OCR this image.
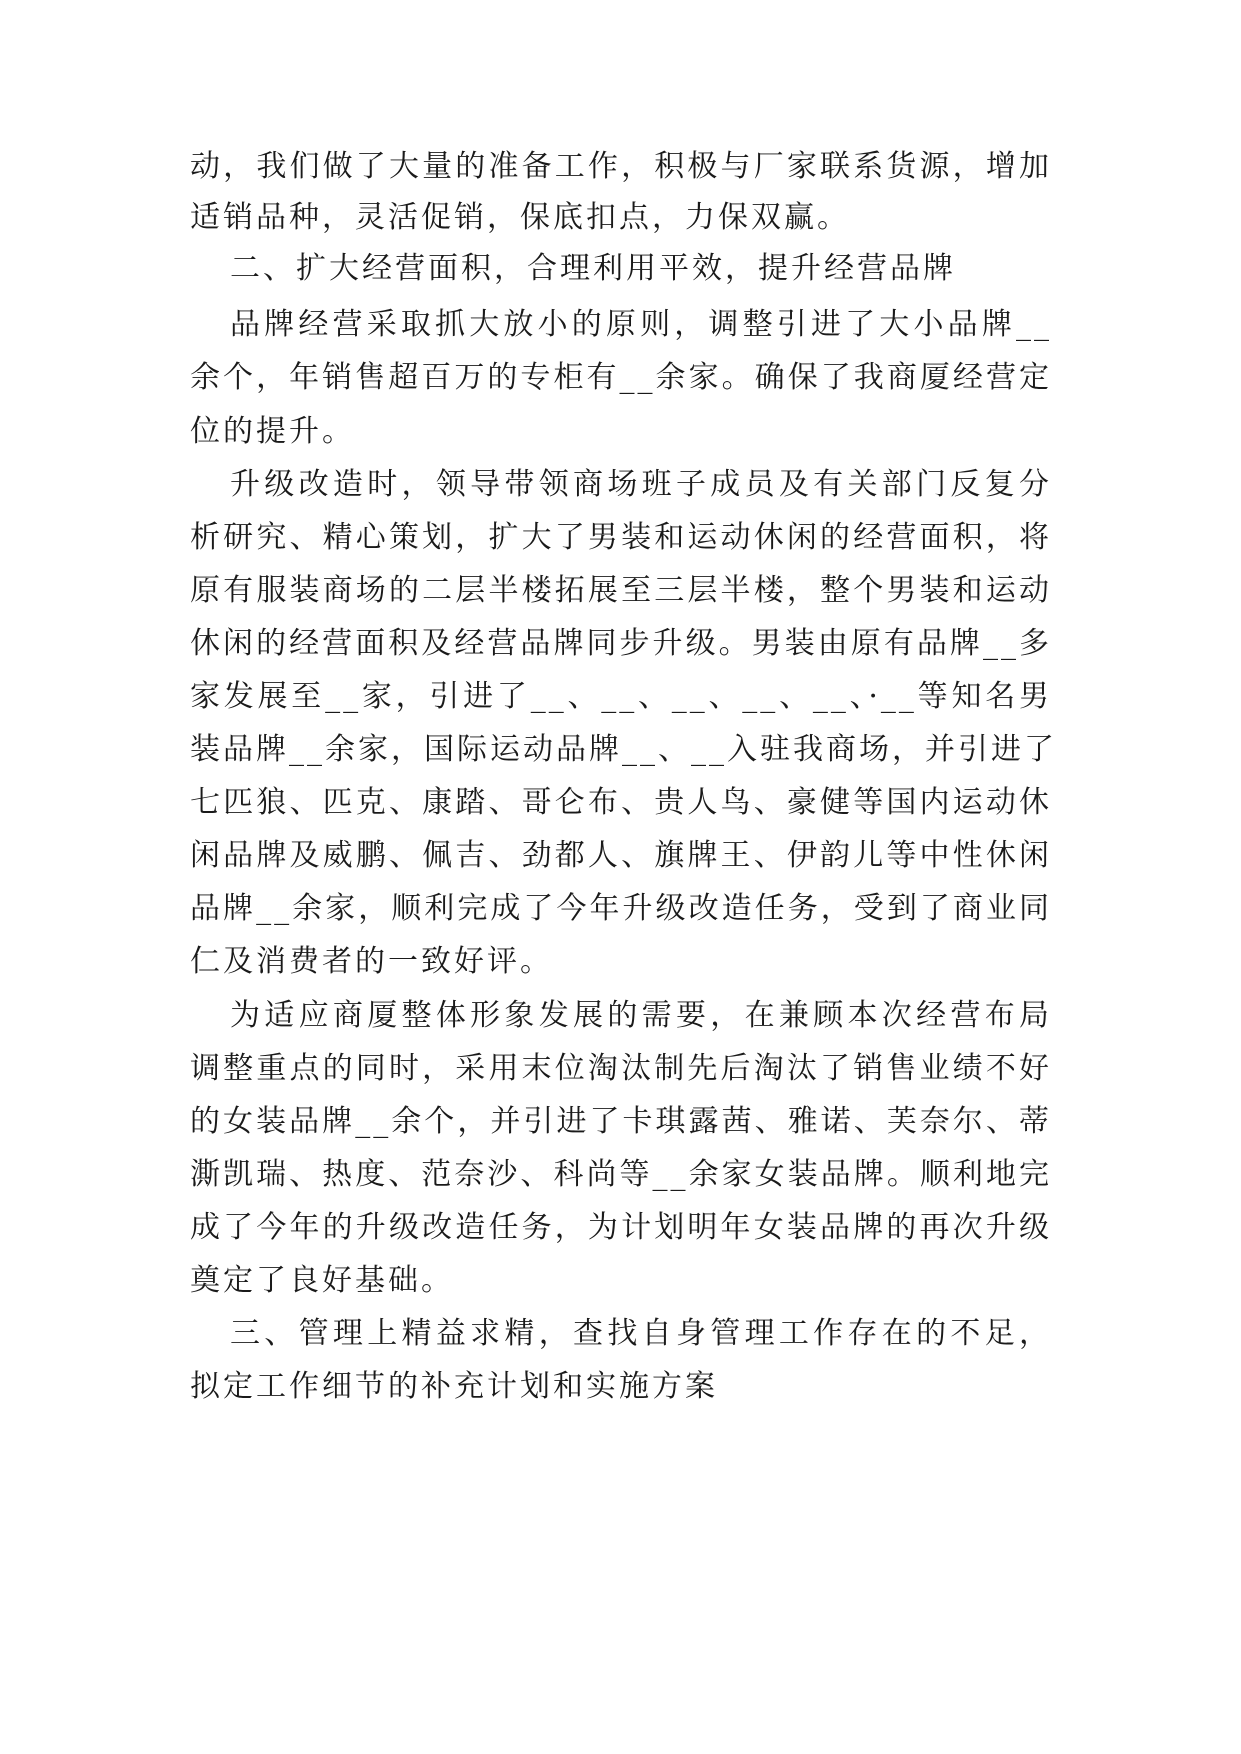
动，我们做了大量的准备工作，积极与厂家联系货源，增加
适销品种，灵活促销，保底扣点，力保双赢。
二、扩大经营面积，合理利用平效，提升经营品牌
品牌经营采取抓大放小的原则，调整引进了大小品牌__
余个，年销售超百万的专柜有__余家。确保了我商厦经营定
位的提升。
升级改造时，领导带领商场班子成员及有关部门反复分
析研究、精心策划，扩大了男装和运动休闲的经营面积，将
原有服装商场的二层半楼拓展至三层半楼，整个男装和运动
休闲的经营面积及经营品牌同步升级。男装由原有品牌__多
家发展至__家，引进了__、__、__、__、__、·__等知名男
装品牌__余家，国际运动品牌__、__入驻我商场，并引进了
七匹狼、匹克、康踏、哥仑布、贵人鸟、豪健等国内运动休
闲品牌及威鹏、佩吉、劲都人、旗牌王、伊韵儿等中性休闲
品牌__余家，顺利完成了今年升级改造任务，受到了商业同
仁及消费者的一致好评。
为适应商厦整体形象发展的需要，在兼顾本次经营布局
调整重点的同时，采用末位淘汰制先后淘汰了销售业绩不好
的女装品牌__余个，并引进了卡琪露茜、雅诺、芙奈尔、蒂
澌凯瑞、热度、范奈沙、科尚等__余家女装品牌。顺利地完
成了今年的升级改造任务，为计划明年女装品牌的再次升级
奠定了良好基础。
三、管理上精益求精，查找自身管理工作存在的不足，
拟定工作细节的补充计划和实施方案
